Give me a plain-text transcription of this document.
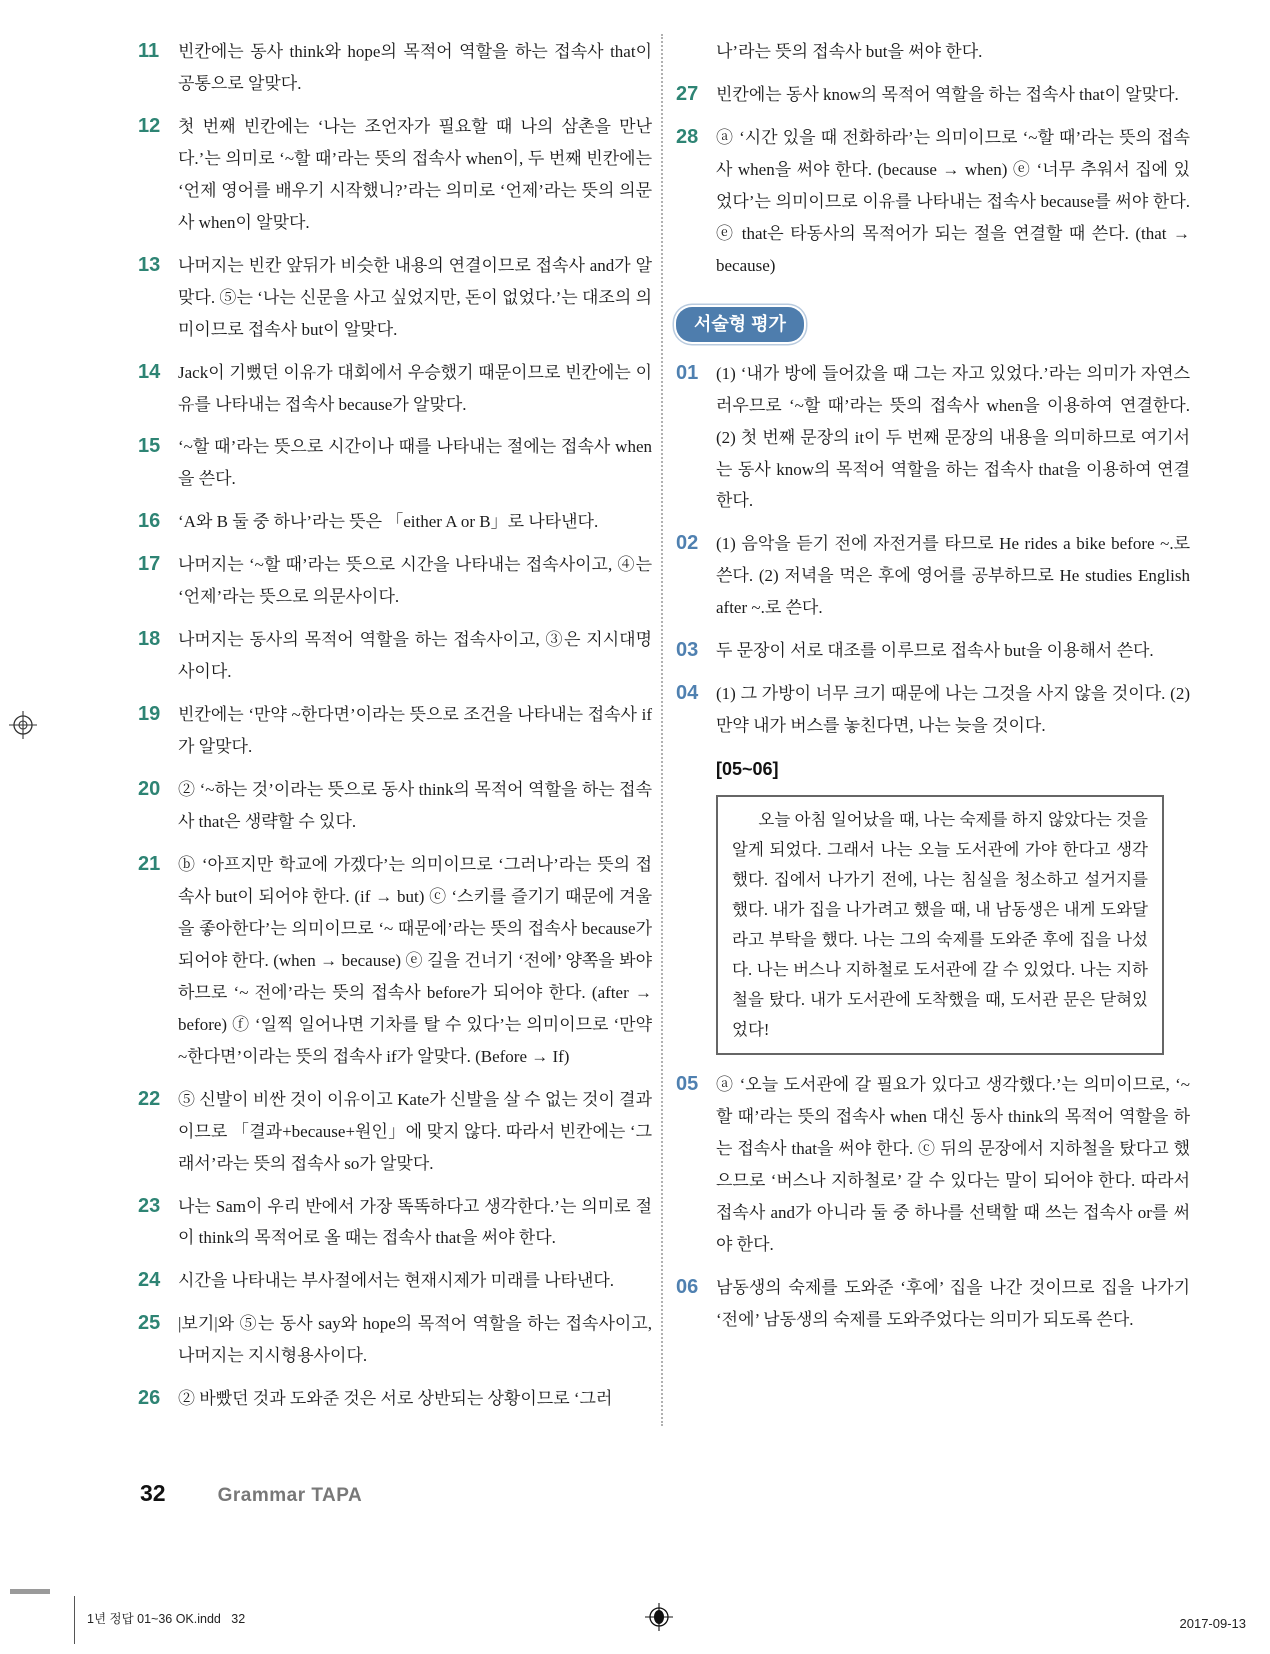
11	빈칸에는 동사 think와 hope의 목적어 역할을 하는 접속사 that이 공통으로 알맞다.
12	첫 번째 빈칸에는 ‘나는 조언자가 필요할 때 나의 삼촌을 만난다.’는 의미로 ‘~할 때’라는 뜻의 접속사 when이, 두 번째 빈칸에는 ‘언제 영어를 배우기 시작했니?’라는 의미로 ‘언제’라는 뜻의 의문사 when이 알맞다.
13	나머지는 빈칸 앞뒤가 비슷한 내용의 연결이므로 접속사 and가 알맞다. ⑤는 ‘나는 신문을 사고 싶었지만, 돈이 없었다.’는 대조의 의미이므로 접속사 but이 알맞다.
14	Jack이 기뻤던 이유가 대회에서 우승했기 때문이므로 빈칸에는 이유를 나타내는 접속사 because가 알맞다.
15	‘~할 때’라는 뜻으로 시간이나 때를 나타내는 절에는 접속사 when을 쓴다.
16	‘A와 B 둘 중 하나’라는 뜻은 「either A or B」로 나타낸다.
17	나머지는 ‘~할 때’라는 뜻으로 시간을 나타내는 접속사이고, ④는 ‘언제’라는 뜻으로 의문사이다.
18	나머지는 동사의 목적어 역할을 하는 접속사이고, ③은 지시대명사이다.
19	빈칸에는 ‘만약 ~한다면’이라는 뜻으로 조건을 나타내는 접속사 if가 알맞다.
20	② ‘~하는 것’이라는 뜻으로 동사 think의 목적어 역할을 하는 접속사 that은 생략할 수 있다.
21	ⓑ ‘아프지만 학교에 가겠다’는 의미이므로 ‘그러나’라는 뜻의 접속사 but이 되어야 한다. (if → but) ⓒ ‘스키를 즐기기 때문에 겨울을 좋아한다’는 의미이므로 ‘~ 때문에’라는 뜻의 접속사 because가 되어야 한다. (when → because) ⓔ 길을 건너기 ‘전에’ 양쪽을 봐야 하므로 ‘~ 전에’라는 뜻의 접속사 before가 되어야 한다. (after → before) ⓕ ‘일찍 일어나면 기차를 탈 수 있다’는 의미이므로 ‘만약 ~한다면’이라는 뜻의 접속사 if가 알맞다. (Before → If)
22	⑤ 신발이 비싼 것이 이유이고 Kate가 신발을 살 수 없는 것이 결과이므로 「결과+because+원인」에 맞지 않다. 따라서 빈칸에는 ‘그래서’라는 뜻의 접속사 so가 알맞다.
23	나는 Sam이 우리 반에서 가장 똑똑하다고 생각한다.’는 의미로 절이 think의 목적어로 올 때는 접속사 that을 써야 한다.
24	시간을 나타내는 부사절에서는 현재시제가 미래를 나타낸다.
25	|보기|와 ⑤는 동사 say와 hope의 목적어 역할을 하는 접속사이고, 나머지는 지시형용사이다.
26	② 바빴던 것과 도와준 것은 서로 상반되는 상황이므로 ‘그러
나’라는 뜻의 접속사 but을 써야 한다.
27	빈칸에는 동사 know의 목적어 역할을 하는 접속사 that이 알맞다.
28	ⓐ ‘시간 있을 때 전화하라’는 의미이므로 ‘~할 때’라는 뜻의 접속사 when을 써야 한다. (because → when) ⓔ ‘너무 추워서 집에 있었다’는 의미이므로 이유를 나타내는 접속사 because를 써야 한다. ⓔ that은 타동사의 목적어가 되는 절을 연결할 때 쓴다. (that → because)
서술형 평가
01	(1) ‘내가 방에 들어갔을 때 그는 자고 있었다.’라는 의미가 자연스러우므로 ‘~할 때’라는 뜻의 접속사 when을 이용하여 연결한다. (2) 첫 번째 문장의 it이 두 번째 문장의 내용을 의미하므로 여기서는 동사 know의 목적어 역할을 하는 접속사 that을 이용하여 연결한다.
02	(1) 음악을 듣기 전에 자전거를 타므로 He rides a bike before ~.로 쓴다. (2) 저녁을 먹은 후에 영어를 공부하므로 He studies English after ~.로 쓴다.
03	두 문장이 서로 대조를 이루므로 접속사 but을 이용해서 쓴다.
04	(1) 그 가방이 너무 크기 때문에 나는 그것을 사지 않을 것이다. (2) 만약 내가 버스를 놓친다면, 나는 늦을 것이다.
[05~06]

오늘 아침 일어났을 때, 나는 숙제를 하지 않았다는 것을 알게 되었다. 그래서 나는 오늘 도서관에 가야 한다고 생각했다. 집에서 나가기 전에, 나는 침실을 청소하고 설거지를 했다. 내가 집을 나가려고 했을 때, 내 남동생은 내게 도와달라고 부탁을 했다. 나는 그의 숙제를 도와준 후에 집을 나섰다. 나는 버스나 지하철로 도서관에 갈 수 있었다. 나는 지하철을 탔다. 내가 도서관에 도착했을 때, 도서관 문은 닫혀있었다!

05	ⓐ ‘오늘 도서관에 갈 필요가 있다고 생각했다.’는 의미이므로, ‘~할 때’라는 뜻의 접속사 when 대신 동사 think의 목적어 역할을 하는 접속사 that을 써야 한다. ⓒ 뒤의 문장에서 지하철을 탔다고 했으므로 ‘버스나 지하철로’ 갈 수 있다는 말이 되어야 한다. 따라서 접속사 and가 아니라 둘 중 하나를 선택할 때 쓰는 접속사 or를 써야 한다.
06	남동생의 숙제를 도와준 ‘후에’ 집을 나간 것이므로 집을 나가기 ‘전에’ 남동생의 숙제를 도와주었다는 의미가 되도록 쓴다.
32	Grammar TAPA
1년 정답 01~36 OK.indd   32	2017-09-13
